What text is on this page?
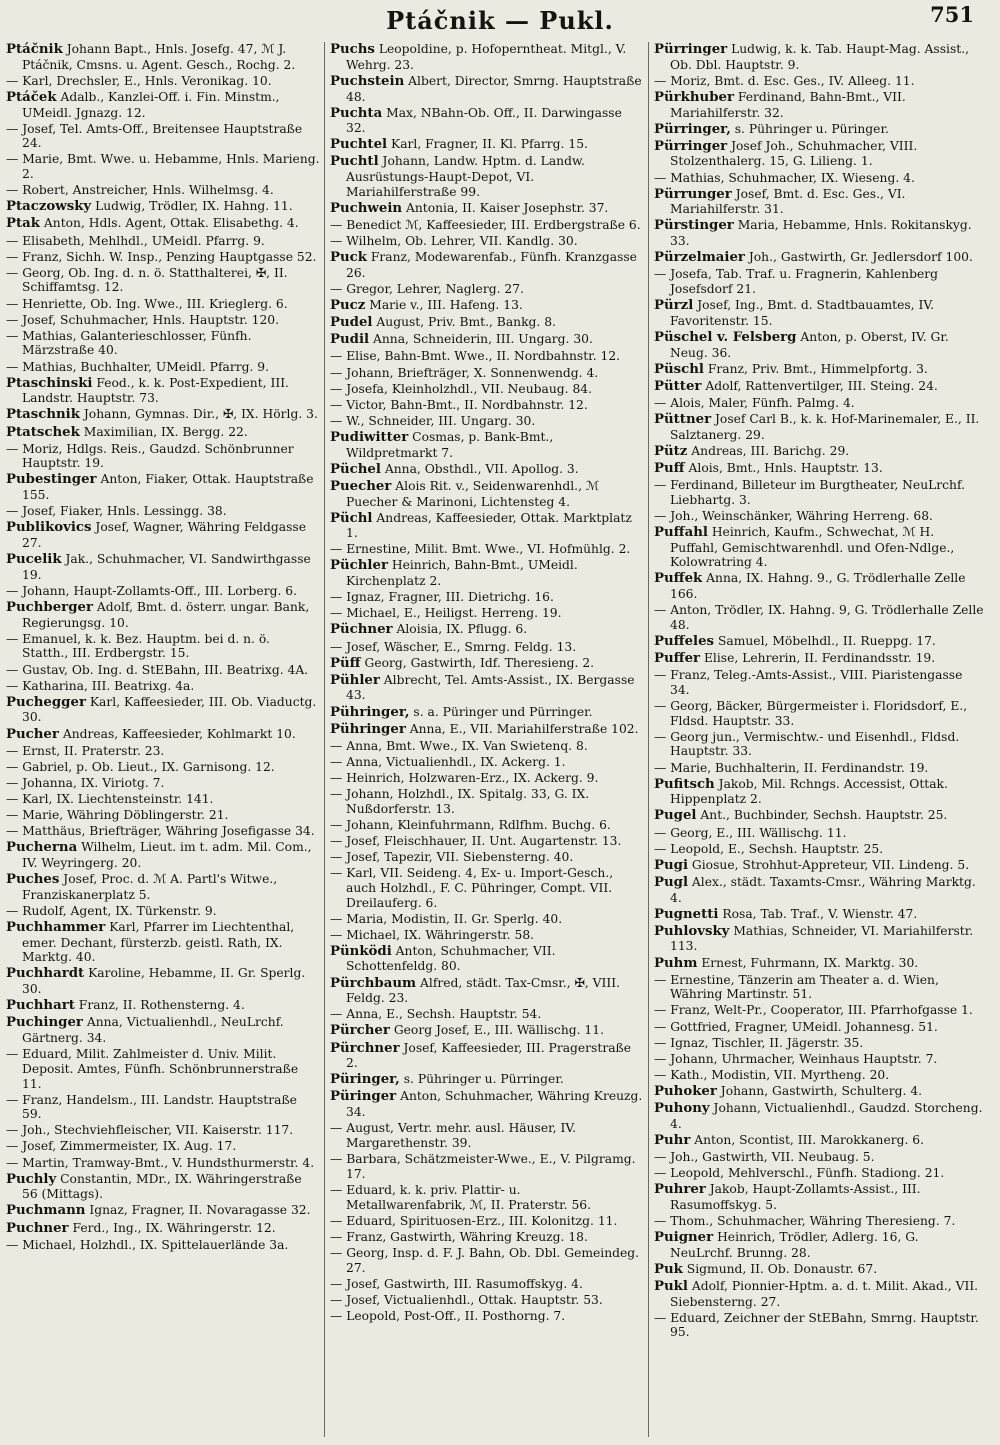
Ptáčnik — Pukl.	751
Ptáčnik Johann Bapt., Hnls. Josefg. 47, ℳ J. Ptáčnik, Cmsns. u. Agent. Gesch., Rochg. 2.
— Karl, Drechsler, E., Hnls. Veronikag. 10.
Ptáček Adalb., Kanzlei-Off. i. Fin. Minstm., UMeidl. Jgnazg. 12.
— Josef, Tel. Amts-Off., Breitensee Hauptstraße 24.
— Marie, Bmt. Wwe. u. Hebamme, Hnls. Marieng. 2.
— Robert, Anstreicher, Hnls. Wilhelmsg. 4.
Ptaczowsky Ludwig, Trödler, IX. Hahng. 11.
Ptak Anton, Hdls. Agent, Ottak. Elisabethg. 4.
— Elisabeth, Mehlhdl., UMeidl. Pfarrg. 9.
— Franz, Sichh. W. Insp., Penzing Hauptgasse 52.
— Georg, Ob. Ing. d. n. ö. Statthalterei, ✠, II. Schiffamtsg. 12.
— Henriette, Ob. Ing. Wwe., III. Krieglerg. 6.
— Josef, Schuhmacher, Hnls. Hauptstr. 120.
— Mathias, Galanterieschlosser, Fünfh. Märzstraße 40.
— Mathias, Buchhalter, UMeidl. Pfarrg. 9.
Ptaschinski Feod., k. k. Post-Expedient, III. Landstr. Hauptstr. 73.
Ptaschnik Johann, Gymnas. Dir., ✠, IX. Hörlg. 3.
Ptatschek Maximilian, IX. Bergg. 22.
— Moriz, Hdlgs. Reis., Gaudzd. Schönbrunner Hauptstr. 19.
Pubestinger Anton, Fiaker, Ottak. Hauptstraße 155.
— Josef, Fiaker, Hnls. Lessingg. 38.
Publikovics Josef, Wagner, Währing Feldgasse 27.
Pucelik Jak., Schuhmacher, VI. Sandwirthgasse 19.
— Johann, Haupt-Zollamts-Off., III. Lorberg. 6.
Puchberger Adolf, Bmt. d. österr. ungar. Bank, Regierungsg. 10.
— Emanuel, k. k. Bez. Hauptm. bei d. n. ö. Statth., III. Erdbergstr. 15.
— Gustav, Ob. Ing. d. StEBahn, III. Beatrixg. 4A.
— Katharina, III. Beatrixg. 4a.
Puchegger Karl, Kaffeesieder, III. Ob. Viaductg. 30.
Pucher Andreas, Kaffeesieder, Kohlmarkt 10.
— Ernst, II. Praterstr. 23.
— Gabriel, p. Ob. Lieut., IX. Garnisong. 12.
— Johanna, IX. Viriotg. 7.
— Karl, IX. Liechtensteinstr. 141.
— Marie, Währing Döblingerstr. 21.
— Matthäus, Briefträger, Währing Josefigasse 34.
Pucherna Wilhelm, Lieut. im t. adm. Mil. Com., IV. Weyringerg. 20.
Puches Josef, Proc. d. ℳ A. Partl's Witwe., Franziskanerplatz 5.
— Rudolf, Agent, IX. Türkenstr. 9.
Puchhammer Karl, Pfarrer im Liechtenthal, emer. Dechant, fürsterzb. geistl. Rath, IX. Marktg. 40.
Puchhardt Karoline, Hebamme, II. Gr. Sperlg. 30.
Puchhart Franz, II. Rothensterng. 4.
Puchinger Anna, Victualienhdl., NeuLrchf. Gärtnerg. 34.
— Eduard, Milit. Zahlmeister d. Univ. Milit. Deposit. Amtes, Fünfh. Schönbrunnerstraße 11.
— Franz, Handelsm., III. Landstr. Hauptstraße 59.
— Joh., Stechviehfleischer, VII. Kaiserstr. 117.
— Josef, Zimmermeister, IX. Aug. 17.
— Martin, Tramway-Bmt., V. Hundsthurmerstr. 4.
Puchly Constantin, MDr., IX. Währingerstraße 56 (Mittags).
Puchmann Ignaz, Fragner, II. Novaragasse 32.
Puchner Ferd., Ing., IX. Währingerstr. 12.
— Michael, Holzhdl., IX. Spittelauerlände 3a.
Puchs Leopoldine, p. Hofoperntheat. Mitgl., V. Wehrg. 23.
Puchstein Albert, Director, Smrng. Hauptstraße 48.
Puchta Max, NBahn-Ob. Off., II. Darwingasse 32.
Puchtel Karl, Fragner, II. Kl. Pfarrg. 15.
Puchtl Johann, Landw. Hptm. d. Landw. Ausrüstungs-Haupt-Depot, VI. Mariahilferstraße 99.
Puchwein Antonia, II. Kaiser Josephstr. 37.
— Benedict ℳ, Kaffeesieder, III. Erdbergstraße 6.
— Wilhelm, Ob. Lehrer, VII. Kandlg. 30.
Puck Franz, Modewarenfab., Fünfh. Kranzgasse 26.
— Gregor, Lehrer, Naglerg. 27.
Pucz Marie v., III. Hafeng. 13.
Pudel August, Priv. Bmt., Bankg. 8.
Pudil Anna, Schneiderin, III. Ungarg. 30.
— Elise, Bahn-Bmt. Wwe., II. Nordbahnstr. 12.
— Johann, Briefträger, X. Sonnenwendg. 4.
— Josefa, Kleinholzhdl., VII. Neubaug. 84.
— Victor, Bahn-Bmt., II. Nordbahnstr. 12.
— W., Schneider, III. Ungarg. 30.
Pudiwitter Cosmas, p. Bank-Bmt., Wildpretmarkt 7.
Püchel Anna, Obsthdl., VII. Apollog. 3.
Puecher Alois Rit. v., Seidenwarenhdl., ℳ Puecher & Marinoni, Lichtensteg 4.
Püchl Andreas, Kaffeesieder, Ottak. Marktplatz 1.
— Ernestine, Milit. Bmt. Wwe., VI. Hofmühlg. 2.
Püchler Heinrich, Bahn-Bmt., UMeidl. Kirchenplatz 2.
— Ignaz, Fragner, III. Dietrichg. 16.
— Michael, E., Heiligst. Herreng. 19.
Püchner Aloisia, IX. Pflugg. 6.
— Josef, Wäscher, E., Smrng. Feldg. 13.
Püff Georg, Gastwirth, Idf. Theresieng. 2.
Pühler Albrecht, Tel. Amts-Assist., IX. Bergasse 43.
Pühringer, s. a. Püringer und Pürringer.
Pühringer Anna, E., VII. Mariahilferstraße 102.
— Anna, Bmt. Wwe., IX. Van Swietenq. 8.
— Anna, Victualienhdl., IX. Ackerg. 1.
— Heinrich, Holzwaren-Erz., IX. Ackerg. 9.
— Johann, Holzhdl., IX. Spitalg. 33, G. IX. Nußdorferstr. 13.
— Johann, Kleinfuhrmann, Rdlfhm. Buchg. 6.
— Josef, Fleischhauer, II. Unt. Augartenstr. 13.
— Josef, Tapezir, VII. Siebensterng. 40.
— Karl, VII. Seideng. 4, Ex- u. Import-Gesch., auch Holzhdl., F. C. Pühringer, Compt. VII. Dreilauferg. 6.
— Maria, Modistin, II. Gr. Sperlg. 40.
— Michael, IX. Währingerstr. 58.
Pünködi Anton, Schuhmacher, VII. Schottenfeldg. 80.
Pürchbaum Alfred, städt. Tax-Cmsr., ✠, VIII. Feldg. 23.
— Anna, E., Sechsh. Hauptstr. 54.
Pürcher Georg Josef, E., III. Wällischg. 11.
Pürchner Josef, Kaffeesieder, III. Pragerstraße 2.
Püringer, s. Pühringer u. Pürringer.
Püringer Anton, Schuhmacher, Währing Kreuzg. 34.
— August, Vertr. mehr. ausl. Häuser, IV. Margarethenstr. 39.
— Barbara, Schätzmeister-Wwe., E., V. Pilgramg. 17.
— Eduard, k. k. priv. Plattir- u. Metallwarenfabrik, ℳ, II. Praterstr. 56.
— Eduard, Spirituosen-Erz., III. Kolonitzg. 11.
— Franz, Gastwirth, Währing Kreuzg. 18.
— Georg, Insp. d. F. J. Bahn, Ob. Dbl. Gemeindeg. 27.
— Josef, Gastwirth, III. Rasumoffskyg. 4.
— Josef, Victualienhdl., Ottak. Hauptstr. 53.
— Leopold, Post-Off., II. Posthorng. 7.
Pürringer Ludwig, k. k. Tab. Haupt-Mag. Assist., Ob. Dbl. Hauptstr. 9.
— Moriz, Bmt. d. Esc. Ges., IV. Alleeg. 11.
Pürkhuber Ferdinand, Bahn-Bmt., VII. Mariahilferstr. 32.
Pürringer, s. Pühringer u. Püringer.
Pürringer Josef Joh., Schuhmacher, VIII. Stolzenthalerg. 15, G. Lilieng. 1.
— Mathias, Schuhmacher, IX. Wieseng. 4.
Pürrunger Josef, Bmt. d. Esc. Ges., VI. Mariahilferstr. 31.
Pürstinger Maria, Hebamme, Hnls. Rokitanskyg. 33.
Pürzelmaier Joh., Gastwirth, Gr. Jedlersdorf 100.
— Josefa, Tab. Traf. u. Fragnerin, Kahlenberg Josefsdorf 21.
Pürzl Josef, Ing., Bmt. d. Stadtbauamtes, IV. Favoritenstr. 15.
Püschel v. Felsberg Anton, p. Oberst, IV. Gr. Neug. 36.
Püschl Franz, Priv. Bmt., Himmelpfortg. 3.
Pütter Adolf, Rattenvertilger, III. Steing. 24.
— Alois, Maler, Fünfh. Palmg. 4.
Püttner Josef Carl B., k. k. Hof-Marinemaler, E., II. Salztanerg. 29.
Pütz Andreas, III. Barichg. 29.
Puff Alois, Bmt., Hnls. Hauptstr. 13.
— Ferdinand, Billeteur im Burgtheater, NeuLrchf. Liebhartg. 3.
— Joh., Weinschänker, Währing Herreng. 68.
Puffahl Heinrich, Kaufm., Schwechat, ℳ H. Puffahl, Gemischtwarenhdl. und Ofen-Ndlge., Kolowratring 4.
Puffek Anna, IX. Hahng. 9., G. Trödlerhalle Zelle 166.
— Anton, Trödler, IX. Hahng. 9, G. Trödlerhalle Zelle 48.
Puffeles Samuel, Möbelhdl., II. Rueppg. 17.
Puffer Elise, Lehrerin, II. Ferdinandsstr. 19.
— Franz, Teleg.-Amts-Assist., VIII. Piaristengasse 34.
— Georg, Bäcker, Bürgermeister i. Floridsdorf, E., Fldsd. Hauptstr. 33.
— Georg jun., Vermischtw.- und Eisenhdl., Fldsd. Hauptstr. 33.
— Marie, Buchhalterin, II. Ferdinandstr. 19.
Pufitsch Jakob, Mil. Rchngs. Accessist, Ottak. Hippenplatz 2.
Pugel Ant., Buchbinder, Sechsh. Hauptstr. 25.
— Georg, E., III. Wällischg. 11.
— Leopold, E., Sechsh. Hauptstr. 25.
Pugi Giosue, Strohhut-Appreteur, VII. Lindeng. 5.
Pugl Alex., städt. Taxamts-Cmsr., Währing Marktg. 4.
Pugnetti Rosa, Tab. Traf., V. Wienstr. 47.
Puhlovsky Mathias, Schneider, VI. Mariahilferstr. 113.
Puhm Ernest, Fuhrmann, IX. Marktg. 30.
— Ernestine, Tänzerin am Theater a. d. Wien, Währing Martinstr. 51.
— Franz, Welt-Pr., Cooperator, III. Pfarrhofgasse 1.
— Gottfried, Fragner, UMeidl. Johannesg. 51.
— Ignaz, Tischler, II. Jägerstr. 35.
— Johann, Uhrmacher, Weinhaus Hauptstr. 7.
— Kath., Modistin, VII. Myrtheng. 20.
Puhoker Johann, Gastwirth, Schulterg. 4.
Puhony Johann, Victualienhdl., Gaudzd. Storcheng. 4.
Puhr Anton, Scontist, III. Marokkanerg. 6.
— Joh., Gastwirth, VII. Neubaug. 5.
— Leopold, Mehlverschl., Fünfh. Stadiong. 21.
Puhrer Jakob, Haupt-Zollamts-Assist., III. Rasumoffskyg. 5.
— Thom., Schuhmacher, Währing Theresieng. 7.
Puigner Heinrich, Trödler, Adlerg. 16, G. NeuLrchf. Brunng. 28.
Puk Sigmund, II. Ob. Donaustr. 67.
Pukl Adolf, Pionnier-Hptm. a. d. t. Milit. Akad., VII. Siebensterng. 27.
— Eduard, Zeichner der StEBahn, Smrng. Hauptstr. 95.
